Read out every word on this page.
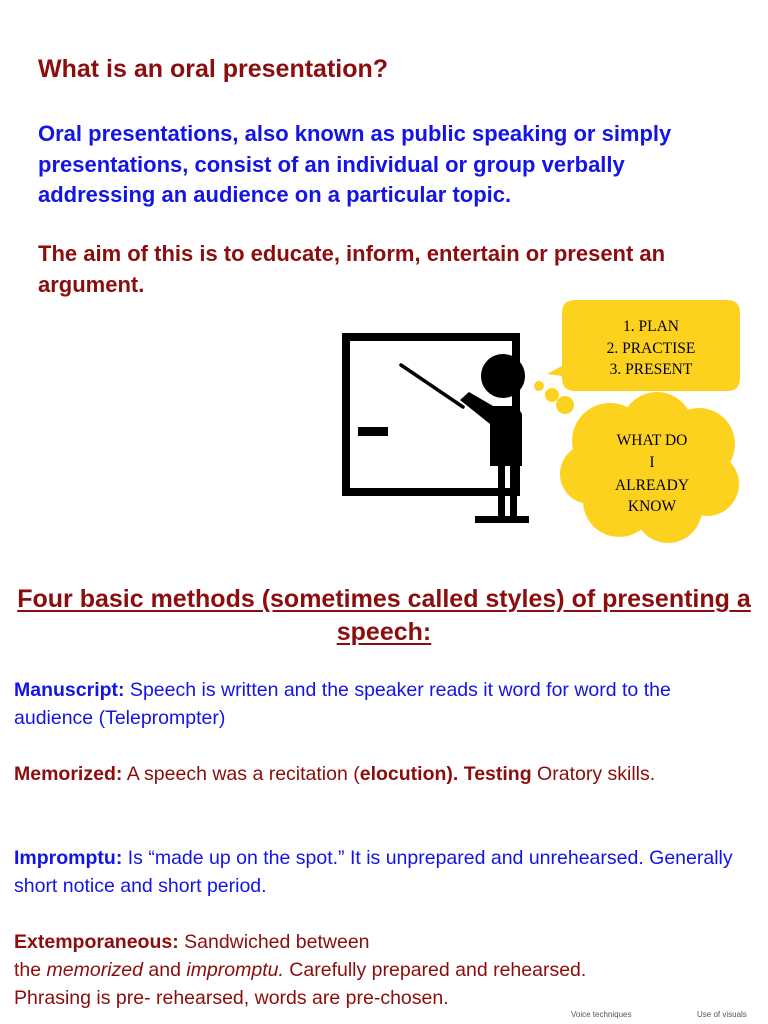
What is an oral presentation?
Oral presentations, also known as public speaking or simply presentations, consist of an individual or group verbally addressing an audience on a particular topic.
The aim of this is to educate, inform, entertain or present an argument.
1. PLAN
2. PRACTISE
3. PRESENT
WHAT DO
I
ALREADY
KNOW
Four basic methods (sometimes called styles) of presenting a speech:
Manuscript: Speech is written and the speaker reads it word for word to the audience (Teleprompter)
Memorized: A speech was a recitation (elocution). Testing Oratory skills.
Impromptu: Is “made up on the spot.” It is unprepared and unrehearsed. Generally short notice and short period.
Extemporaneous: Sandwiched between
the memorized and impromptu. Carefully prepared and rehearsed.
Phrasing is pre- rehearsed, words are pre-chosen.
Voice techniques	Use of visuals
